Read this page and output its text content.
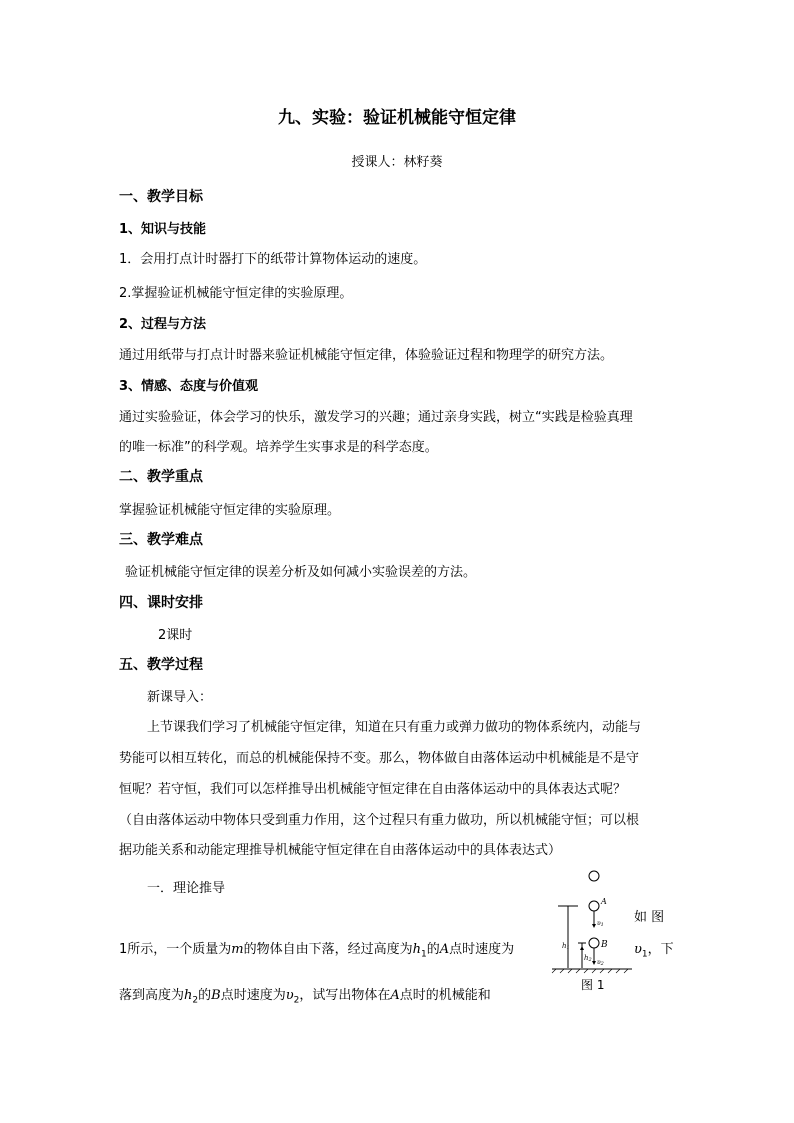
九、实验：验证机械能守恒定律
授课人：林籽葵
一、教学目标
1、知识与技能
1．会用打点计时器打下的纸带计算物体运动的速度。
2.掌握验证机械能守恒定律的实验原理。
2、过程与方法
通过用纸带与打点计时器来验证机械能守恒定律，体验验证过程和物理学的研究方法。
3、情感、态度与价值观
通过实验验证，体会学习的快乐，激发学习的兴趣；通过亲身实践，树立“实践是检验真理
的唯一标准”的科学观。培养学生实事求是的科学态度。
二、教学重点
掌握验证机械能守恒定律的实验原理。
三、教学难点
验证机械能守恒定律的误差分析及如何减小实验误差的方法。
四、课时安排
2课时
五、教学过程
新课导入：
上节课我们学习了机械能守恒定律，知道在只有重力或弹力做功的物体系统内，动能与
势能可以相互转化，而总的机械能保持不变。那么，物体做自由落体运动中机械能是不是守
恒呢？若守恒，我们可以怎样推导出机械能守恒定律在自由落体运动中的具体表达式呢？
（自由落体运动中物体只受到重力作用，这个过程只有重力做功，所以机械能守恒；可以根
据功能关系和动能定理推导机械能守恒定律在自由落体运动中的具体表达式）
一．理论推导
如 图
$\upsilon_1$，下
1所示，一个质量为m的物体自由下落，经过高度为$h_1$的A点时速度为
落到高度为$h_2$的B点时速度为$\upsilon_2$，试写出物体在A点时的机械能和
A
υ1
B
υ2
h1
h2
图 1
